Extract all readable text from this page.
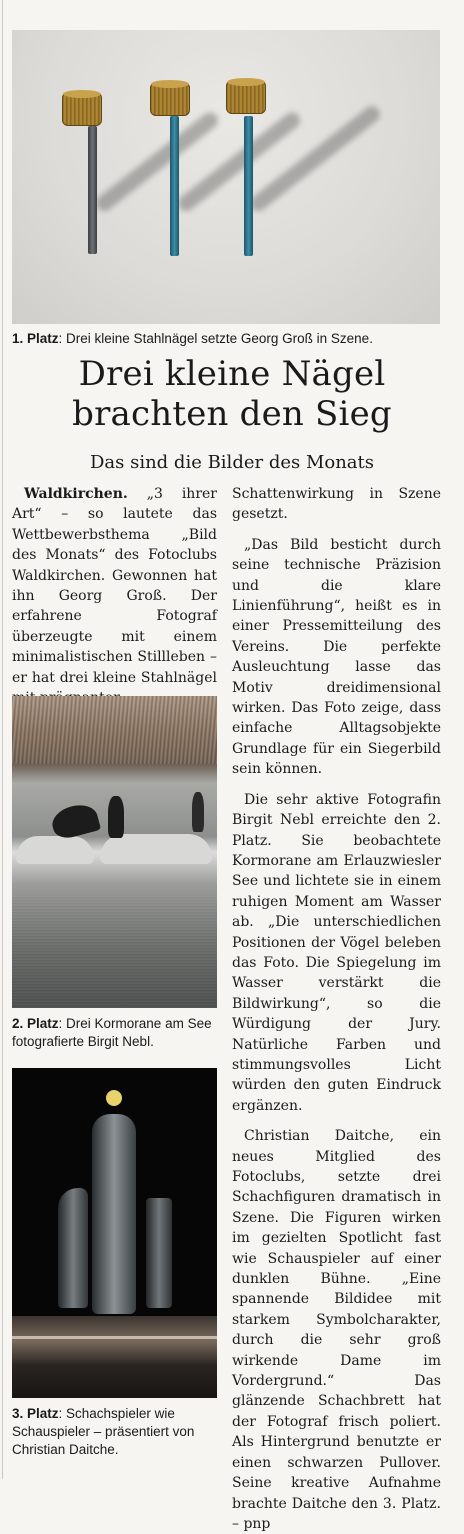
1. Platz: Drei kleine Stahlnägel setzte Georg Groß in Szene.
Drei kleine Nägel
brachten den Sieg
Das sind die Bilder des Monats

Waldkirchen. „3 ihrer Art“ – so lautete das Wettbewerbsthema „Bild des Monats“ des Fotoclubs Waldkirchen. Gewonnen hat ihn Georg Groß. Der erfahrene Fotograf überzeugte mit einem minimalistischen Stillleben – er hat drei kleine Stahlnägel

2. Platz: Drei Kormorane am See fotografierte Birgit Nebl.
3. Platz: Schachspieler wie Schauspieler – präsentiert von Christian Daitche.

Schattenwirkung in Szene gesetzt.

„Das Bild besticht durch seine technische Präzision und die klare Linienführung“, heißt es in einer Pressemitteilung des Vereins. Die perfekte Ausleuchtung lasse das Motiv dreidimensional wirken. Das Foto zeige, dass einfache Alltagsobjekte Grundlage für ein Siegerbild sein können.

Die sehr aktive Fotografin Birgit Nebl erreichte den 2. Platz. Sie beobachtete Kormorane am Erlauzwiesler See und lichtete sie in einem ruhigen Moment am Wasser ab. „Die unterschiedlichen Positionen der Vögel beleben das Foto. Die Spiegelung im Wasser verstärkt die Bildwirkung“, so die Würdigung der Jury. Natürliche Farben und stimmungsvolles Licht würden den guten Eindruck ergänzen.

Christian Daitche, ein neues Mitglied des Fotoclubs, setzte drei Schachfiguren dramatisch in Szene. Die Figuren wirken im gezielten Spotlicht fast wie Schauspieler auf einer dunklen Bühne. „Eine spannende Bildidee mit starkem Symbolcharakter, durch die sehr groß wirkende Dame im Vordergrund.“ Das glänzende Schachbrett hat der Fotograf frisch poliert. Als Hintergrund benutzte er einen schwarzen Pullover. Seine kreative Aufnahme brachte Daitche den 3. Platz. – pnp
